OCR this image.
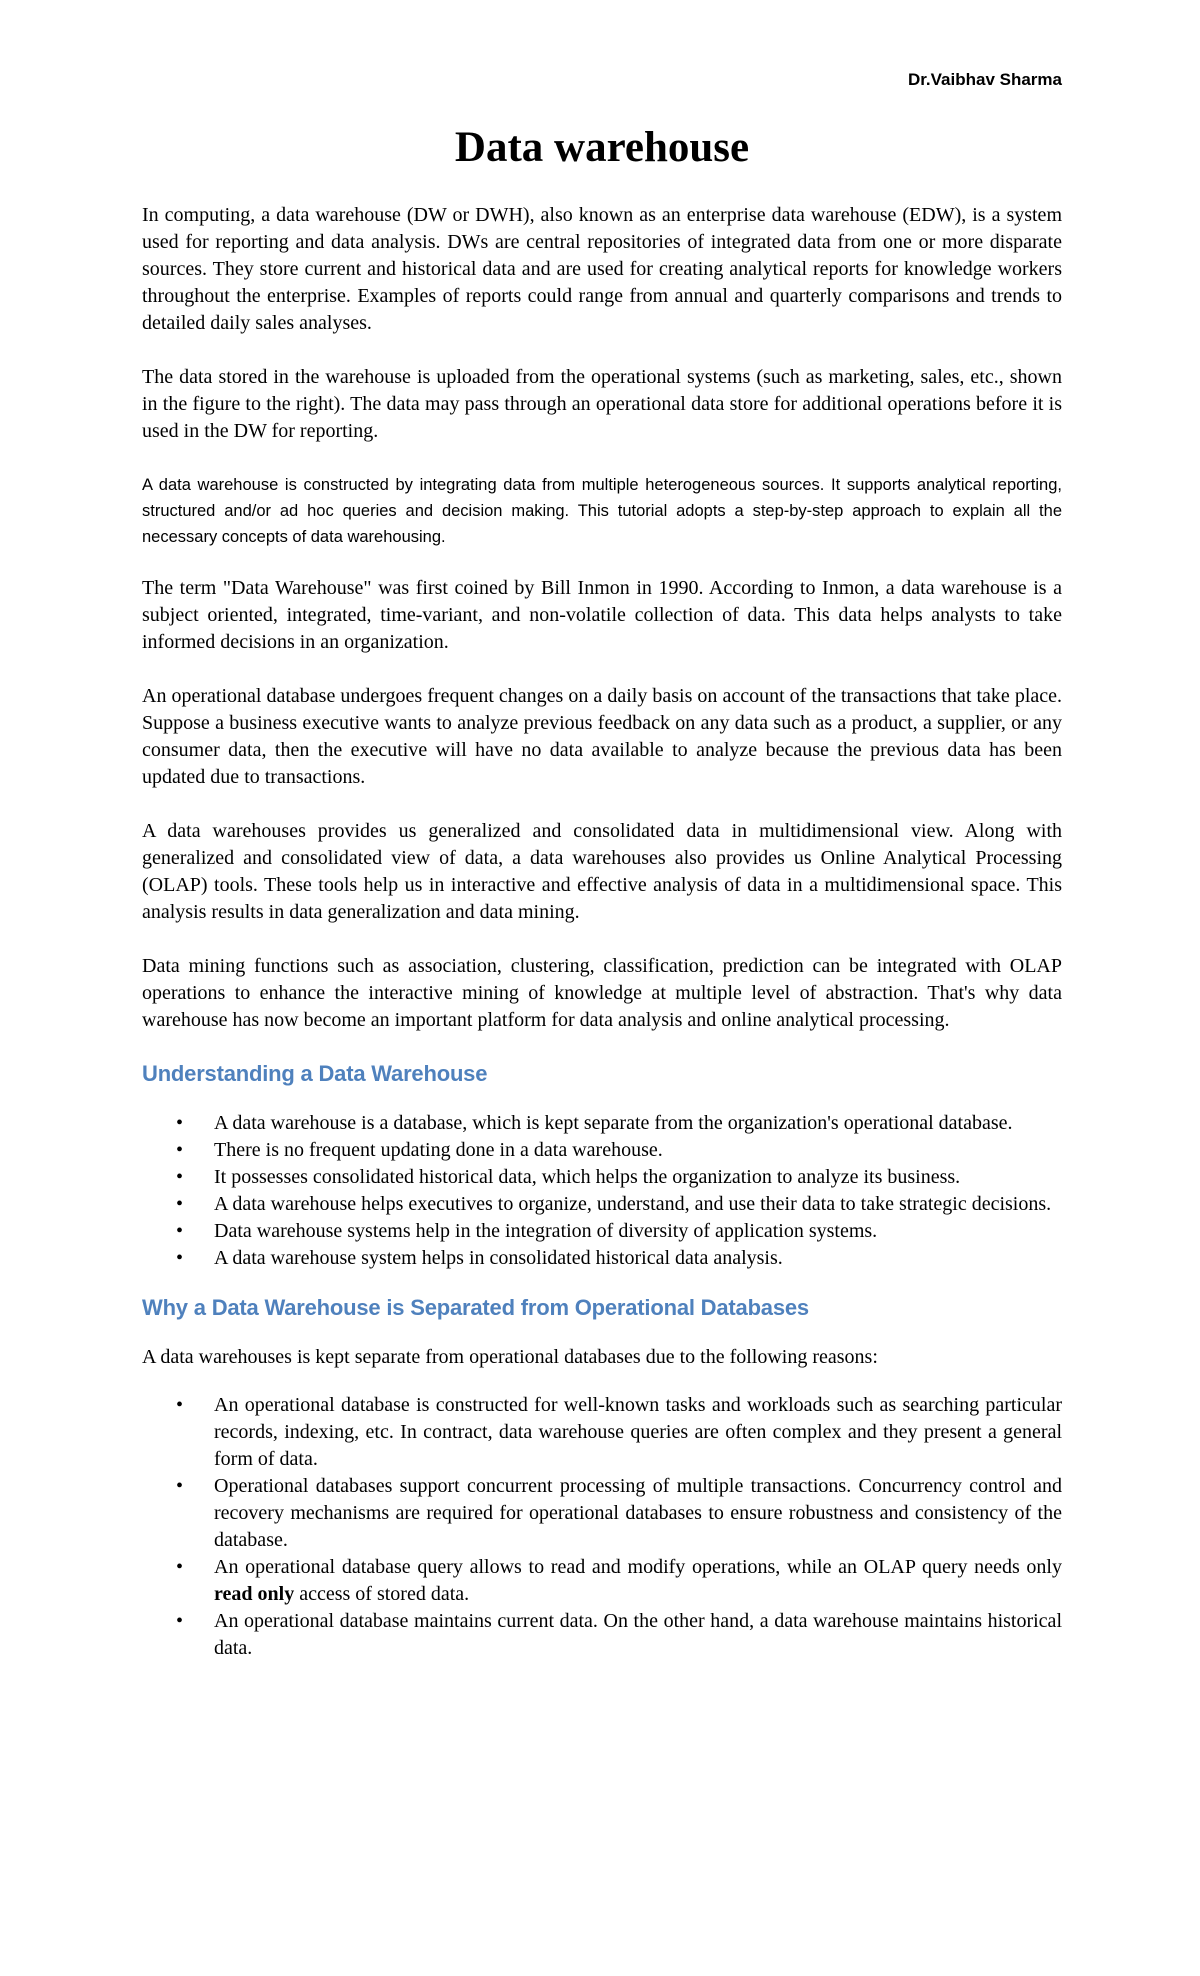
Dr.Vaibhav Sharma

Data warehouse

In computing, a data warehouse (DW or DWH), also known as an enterprise data warehouse (EDW), is a system used for reporting and data analysis. DWs are central repositories of integrated data from one or more disparate sources. They store current and historical data and are used for creating analytical reports for knowledge workers throughout the enterprise. Examples of reports could range from annual and quarterly comparisons and trends to detailed daily sales analyses.

The data stored in the warehouse is uploaded from the operational systems (such as marketing, sales, etc., shown in the figure to the right). The data may pass through an operational data store for additional operations before it is used in the DW for reporting.

A data warehouse is constructed by integrating data from multiple heterogeneous sources. It supports analytical reporting, structured and/or ad hoc queries and decision making. This tutorial adopts a step-by-step approach to explain all the necessary concepts of data warehousing.

The term "Data Warehouse" was first coined by Bill Inmon in 1990. According to Inmon, a data warehouse is a subject oriented, integrated, time-variant, and non-volatile collection of data. This data helps analysts to take informed decisions in an organization.

An operational database undergoes frequent changes on a daily basis on account of the transactions that take place. Suppose a business executive wants to analyze previous feedback on any data such as a product, a supplier, or any consumer data, then the executive will have no data available to analyze because the previous data has been updated due to transactions.

A data warehouses provides us generalized and consolidated data in multidimensional view. Along with generalized and consolidated view of data, a data warehouses also provides us Online Analytical Processing (OLAP) tools. These tools help us in interactive and effective analysis of data in a multidimensional space. This analysis results in data generalization and data mining.

Data mining functions such as association, clustering, classification, prediction can be integrated with OLAP operations to enhance the interactive mining of knowledge at multiple level of abstraction. That's why data warehouse has now become an important platform for data analysis and online analytical processing.

Understanding a Data Warehouse
• A data warehouse is a database, which is kept separate from the organization's operational database.
• There is no frequent updating done in a data warehouse.
• It possesses consolidated historical data, which helps the organization to analyze its business.
• A data warehouse helps executives to organize, understand, and use their data to take strategic decisions.
• Data warehouse systems help in the integration of diversity of application systems.
• A data warehouse system helps in consolidated historical data analysis.
Why a Data Warehouse is Separated from Operational Databases

A data warehouses is kept separate from operational databases due to the following reasons:

• An operational database is constructed for well-known tasks and workloads such as searching particular records, indexing, etc. In contract, data warehouse queries are often complex and they present a general form of data.
• Operational databases support concurrent processing of multiple transactions. Concurrency control and recovery mechanisms are required for operational databases to ensure robustness and consistency of the database.
• An operational database query allows to read and modify operations, while an OLAP query needs only read only access of stored data.
• An operational database maintains current data. On the other hand, a data warehouse maintains historical data.
